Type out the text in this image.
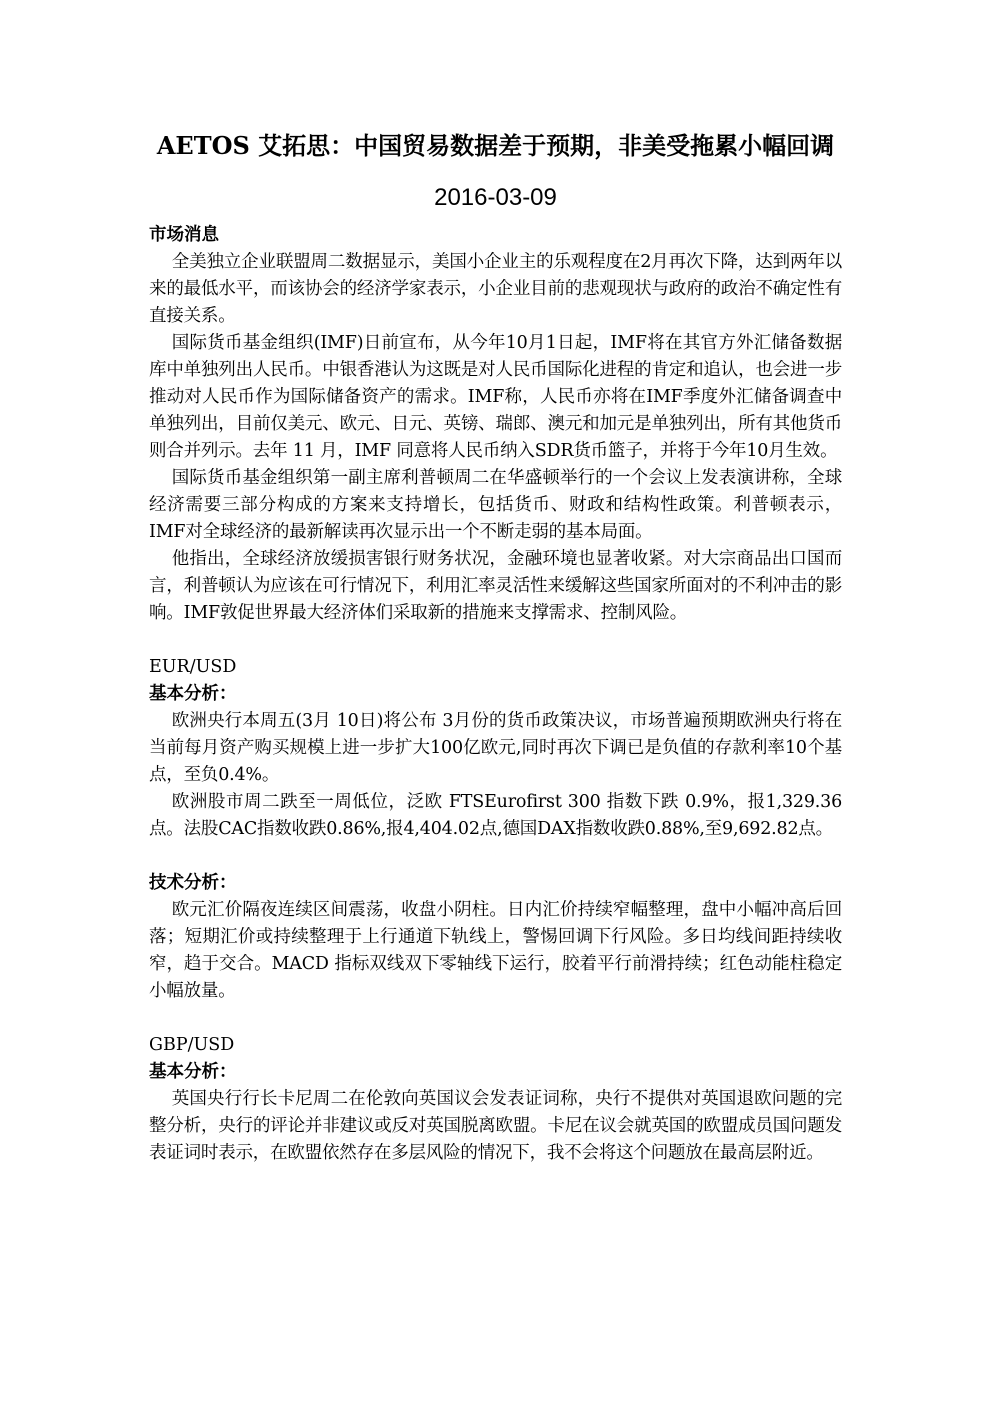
AETOS 艾拓思：中国贸易数据差于预期，非美受拖累小幅回调
2016-03-09

市场消息

全美独立企业联盟周二数据显示，美国小企业主的乐观程度在2月再次下降，达到两年以来的最低水平，而该协会的经济学家表示，小企业目前的悲观现状与政府的政治不确定性有直接关系。

国际货币基金组织(IMF)日前宣布，从今年10月1日起，IMF将在其官方外汇储备数据库中单独列出人民币。中银香港认为这既是对人民币国际化进程的肯定和追认，也会进一步推动对人民币作为国际储备资产的需求。IMF称，人民币亦将在IMF季度外汇储备调查中单独列出，目前仅美元、欧元、日元、英镑、瑞郎、澳元和加元是单独列出，所有其他货币则合并列示。去年 11 月，IMF 同意将人民币纳入SDR货币篮子，并将于今年10月生效。

国际货币基金组织第一副主席利普顿周二在华盛顿举行的一个会议上发表演讲称，全球经济需要三部分构成的方案来支持增长，包括货币、财政和结构性政策。利普顿表示，IMF对全球经济的最新解读再次显示出一个不断走弱的基本局面。

他指出，全球经济放缓损害银行财务状况，金融环境也显著收紧。对大宗商品出口国而言，利普顿认为应该在可行情况下，利用汇率灵活性来缓解这些国家所面对的不利冲击的影响。IMF敦促世界最大经济体们采取新的措施来支撑需求、控制风险。

EUR/USD

基本分析：

欧洲央行本周五(3月 10日)将公布 3月份的货币政策决议，市场普遍预期欧洲央行将在当前每月资产购买规模上进一步扩大100亿欧元,同时再次下调已是负值的存款利率10个基点，至负0.4%。

欧洲股市周二跌至一周低位，泛欧 FTSEurofirst 300 指数下跌 0.9%，报1,329.36点。法股CAC指数收跌0.86%,报4,404.02点,德国DAX指数收跌0.88%,至9,692.82点。

技术分析：

欧元汇价隔夜连续区间震荡，收盘小阴柱。日内汇价持续窄幅整理，盘中小幅冲高后回落；短期汇价或持续整理于上行通道下轨线上，警惕回调下行风险。多日均线间距持续收窄，趋于交合。MACD 指标双线双下零轴线下运行，胶着平行前滑持续；红色动能柱稳定小幅放量。

GBP/USD

基本分析：

英国央行行长卡尼周二在伦敦向英国议会发表证词称，央行不提供对英国退欧问题的完整分析，央行的评论并非建议或反对英国脱离欧盟。卡尼在议会就英国的欧盟成员国问题发表证词时表示，在欧盟依然存在多层风险的情况下，我不会将这个问题放在最高层附近。
